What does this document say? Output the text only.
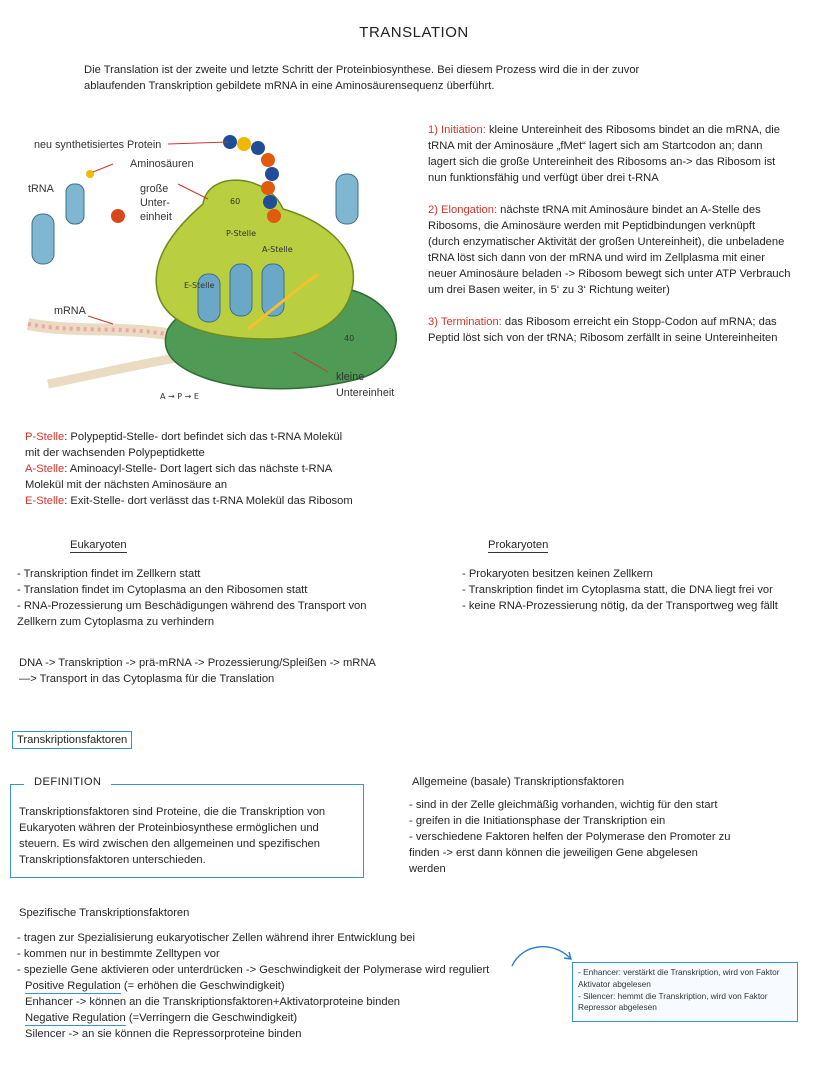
TRANSLATION
Die Translation ist der zweite und letzte Schritt der Proteinbiosynthese. Bei diesem Prozess wird die in der zuvor
ablaufenden Transkription gebildete mRNA in eine Aminosäurensequenz überführt.
neu synthetisiertes Protein
Aminosäuren
tRNA	große
Unter-
einheit
mRNA
kleine
Untereinheit
60
40
P-Stelle
A-Stelle
E-Stelle
A → P → E
1) Initiation: kleine Untereinheit des Ribosoms bindet an die mRNA, die
tRNA mit der Aminosäure „fMet“ lagert sich am Startcodon an; dann
lagert sich die große Untereinheit des Ribosoms an-> das Ribosom ist
nun funktionsfähig und verfügt über drei t-RNA
2) Elongation: nächste tRNA mit Aminosäure bindet an A-Stelle des
Ribosoms, die Aminosäure werden mit Peptidbindungen verknüpft
(durch enzymatischer Aktivität der großen Untereinheit), die unbeladene
tRNA löst sich dann von der mRNA und wird im Zellplasma mit einer
neuer Aminosäure beladen -> Ribosom bewegt sich unter ATP Verbrauch
um drei Basen weiter, in 5‘ zu 3‘ Richtung weiter)
3) Termination: das Ribosom erreicht ein Stopp-Codon auf mRNA; das
Peptid löst sich von der tRNA; Ribosom zerfällt in seine Untereinheiten
P-Stelle: Polypeptid-Stelle- dort befindet sich das t-RNA Molekül
mit der wachsenden Polypeptidkette
A-Stelle: Aminoacyl-Stelle- Dort lagert sich das nächste t-RNA
Molekül mit der nächsten Aminosäure an
E-Stelle: Exit-Stelle- dort verlässt das t-RNA Molekül das Ribosom
Eukaryoten
- Transkription findet im Zellkern statt
- Translation findet im Cytoplasma an den Ribosomen statt
- RNA-Prozessierung um Beschädigungen während des Transport von
Zellkern zum Cytoplasma zu verhindern
Prokaryoten
- Prokaryoten besitzen keinen Zellkern
- Transkription findet im Cytoplasma statt, die DNA liegt frei vor
- keine RNA-Prozessierung nötig, da der Transportweg weg fällt
DNA -> Transkription -> prä-mRNA -> Prozessierung/Spleißen -> mRNA
—> Transport in das Cytoplasma für die Translation
Transkriptionsfaktoren
DEFINITION
Transkriptionsfaktoren sind Proteine, die die Transkription von
Eukaryoten währen der Proteinbiosynthese ermöglichen und
steuern. Es wird zwischen den allgemeinen und spezifischen
Transkriptionsfaktoren unterschieden.
Allgemeine (basale) Transkriptionsfaktoren
- sind in der Zelle gleichmäßig vorhanden, wichtig für den start
- greifen in die Initiationsphase der Transkription ein
- verschiedene Faktoren helfen der Polymerase den Promoter zu
finden -> erst dann können die jeweiligen Gene abgelesen
werden
Spezifische Transkriptionsfaktoren
- tragen zur Spezialisierung eukaryotischer Zellen während ihrer Entwicklung bei
- kommen nur in bestimmte Zelltypen vor
- spezielle Gene aktivieren oder unterdrücken -> Geschwindigkeit der Polymerase wird reguliert
Positive Regulation (= erhöhen die Geschwindigkeit)
Enhancer -> können an die Transkriptionsfaktoren+Aktivatorproteine binden
Negative Regulation (=Verringern die Geschwindigkeit)
Silencer -> an sie können die Repressorproteine binden
- Enhancer: verstärkt die Transkription, wird von Faktor
Aktivator abgelesen
- Silencer: hemmt die Transkription, wird von Faktor
Repressor abgelesen
